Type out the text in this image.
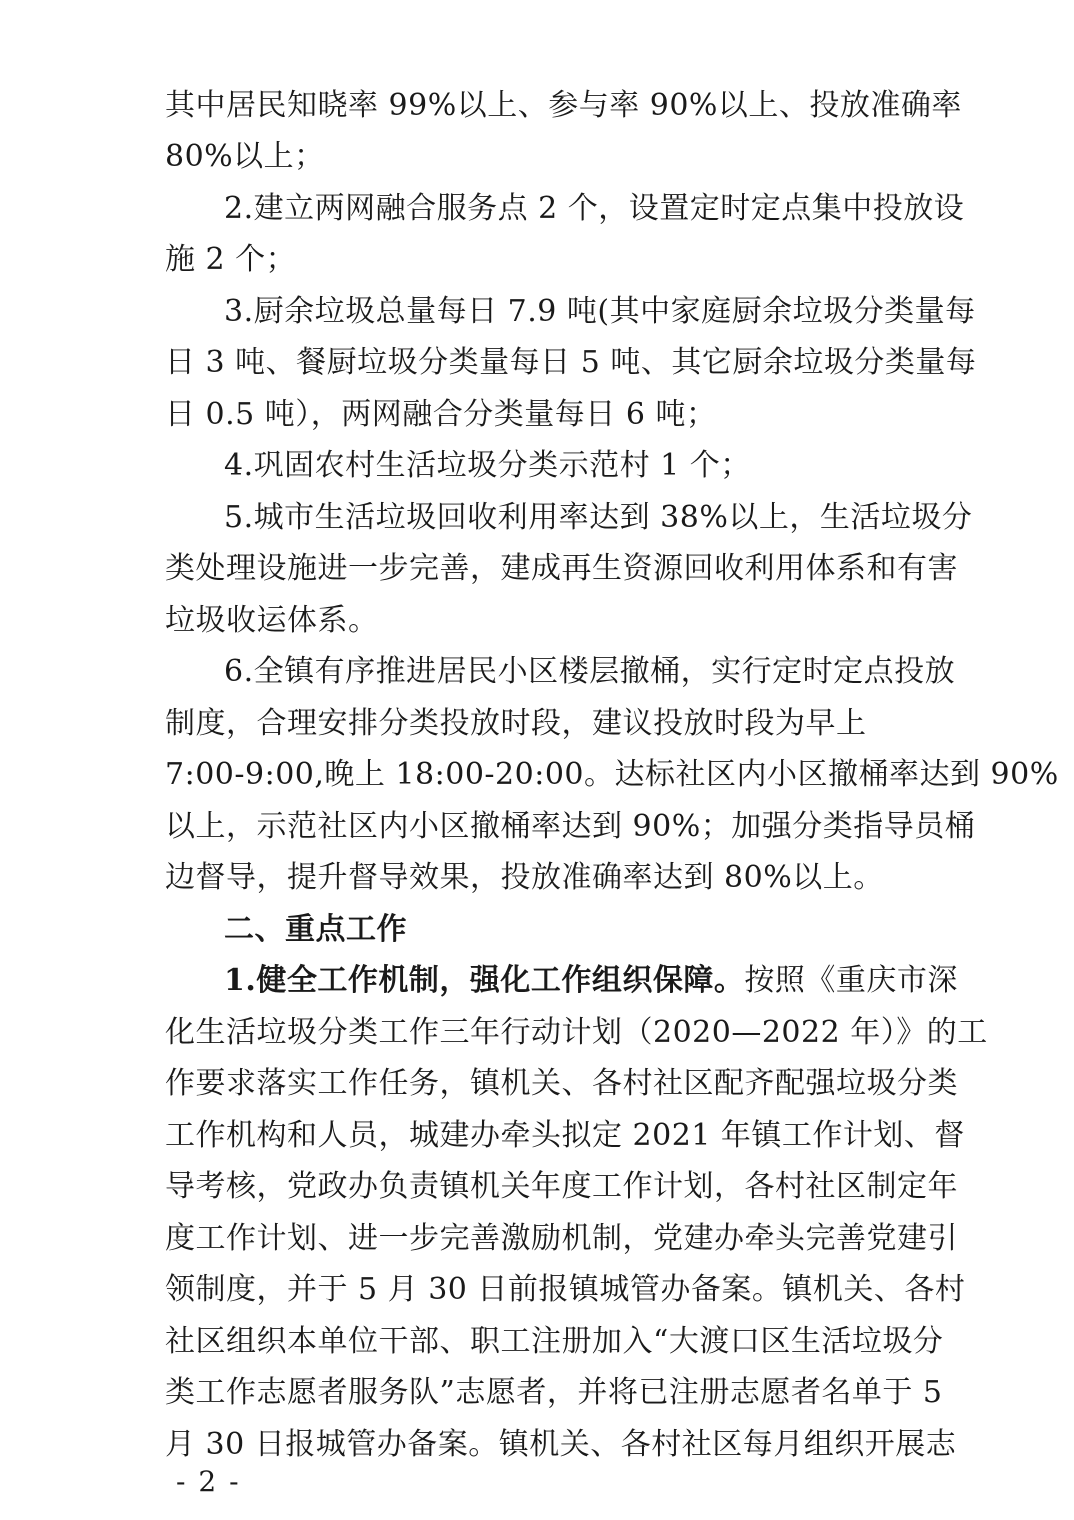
其中居民知晓率 99%以上、参与率 90%以上、投放准确率
80%以上；
2.建立两网融合服务点 2 个，设置定时定点集中投放设
施 2 个；
3.厨余垃圾总量每日 7.9 吨(其中家庭厨余垃圾分类量每
日 3 吨、餐厨垃圾分类量每日 5 吨、其它厨余垃圾分类量每
日 0.5 吨），两网融合分类量每日 6 吨；
4.巩固农村生活垃圾分类示范村 1 个；
5.城市生活垃圾回收利用率达到 38%以上，生活垃圾分
类处理设施进一步完善，建成再生资源回收利用体系和有害
垃圾收运体系。
6.全镇有序推进居民小区楼层撤桶，实行定时定点投放
制度，合理安排分类投放时段，建议投放时段为早上
7:00-9:00,晚上 18:00-20:00。达标社区内小区撤桶率达到 90%
以上，示范社区内小区撤桶率达到 90%；加强分类指导员桶
边督导，提升督导效果，投放准确率达到 80%以上。
二、重点工作
1.健全工作机制，强化工作组织保障。按照《重庆市深
化生活垃圾分类工作三年行动计划（2020—2022 年）》的工
作要求落实工作任务，镇机关、各村社区配齐配强垃圾分类
工作机构和人员，城建办牵头拟定 2021 年镇工作计划、督
导考核，党政办负责镇机关年度工作计划，各村社区制定年
度工作计划、进一步完善激励机制，党建办牵头完善党建引
领制度，并于 5 月 30 日前报镇城管办备案。镇机关、各村
社区组织本单位干部、职工注册加入“大渡口区生活垃圾分
类工作志愿者服务队”志愿者，并将已注册志愿者名单于 5
月 30 日报城管办备案。镇机关、各村社区每月组织开展志
- 2 -
